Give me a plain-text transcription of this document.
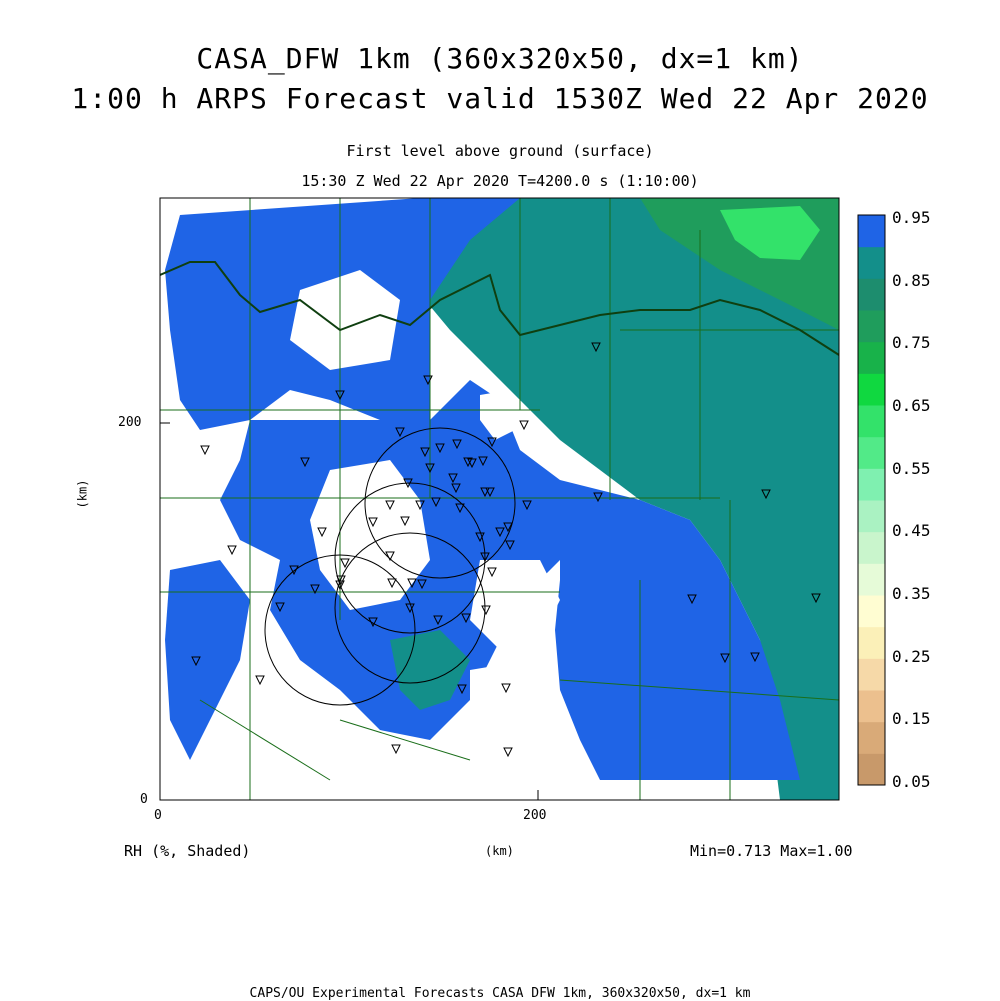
CASA_DFW 1km (360x320x50, dx=1 km)
1:00 h ARPS Forecast valid 1530Z Wed 22 Apr 2020
First level above ground (surface)
15:30 Z Wed 22 Apr 2020 T=4200.0 s (1:10:00)
200
0
0	200
(km)
RH (%, Shaded)	(km)	Min=0.713 Max=1.00
0.05
0.15
0.25
0.35
0.45
0.55
0.65
0.75
0.85
0.95
CAPS/OU Experimental Forecasts CASA DFW 1km, 360x320x50, dx=1 km
